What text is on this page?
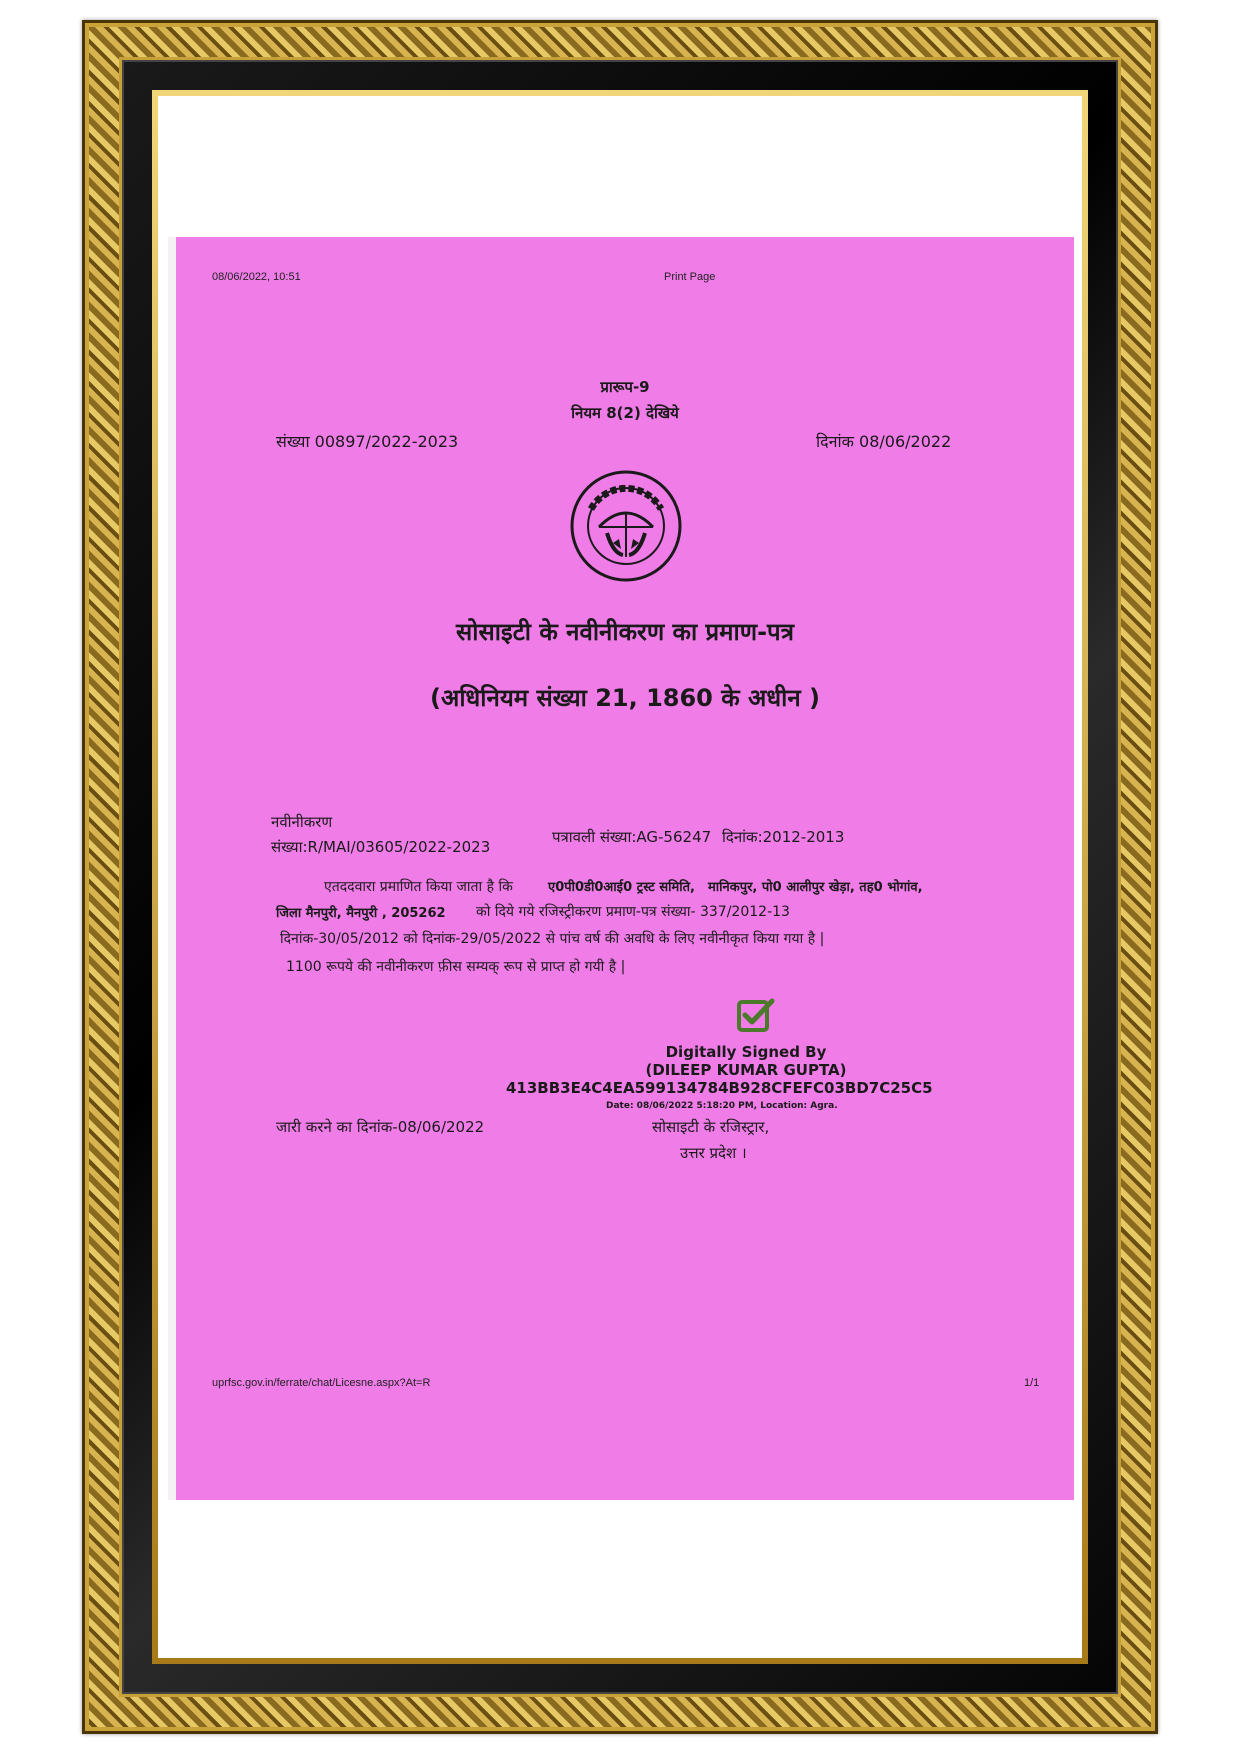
08/06/2022, 10:51	Print Page
प्रारूप-9
नियम 8(2) देखिये
संख्या 00897/2022-2023	दिनांक 08/06/2022
सोसाइटी के नवीनीकरण का प्रमाण-पत्र
(अधिनियम संख्या 21, 1860 के अधीन )
नवीनीकरण
संख्या:R/MAI/03605/2022-2023
पत्रावली संख्या:AG-56247 दिनांक:2012-2013
एतददवारा प्रमाणित किया जाता है कि	ए0पी0डी0आई0 ट्रस्ट समिति, मानिकपुर, पो0 आलीपुर खेड़ा, तह0 भोगांव,
जिला मैनपुरी, मैनपुरी , 205262 को दिये गये रजिस्ट्रीकरण प्रमाण-पत्र संख्या- 337/2012-13
दिनांक-30/05/2012 को दिनांक-29/05/2022 से पांच वर्ष की अवधि के लिए नवीनीकृत किया गया है |
1100 रूपये की नवीनीकरण फ़ीस सम्यक् रूप से प्राप्त हो गयी है |
Digitally Signed By
(DILEEP KUMAR GUPTA)
413BB3E4C4EA599134784B928CFEFC03BD7C25C5
Date: 08/06/2022 5:18:20 PM, Location: Agra.
जारी करने का दिनांक-08/06/2022	सोसाइटी के रजिस्ट्रार,
उत्तर प्रदेश ।
uprfsc.gov.in/ferrate/chat/Licesne.aspx?At=R	1/1
